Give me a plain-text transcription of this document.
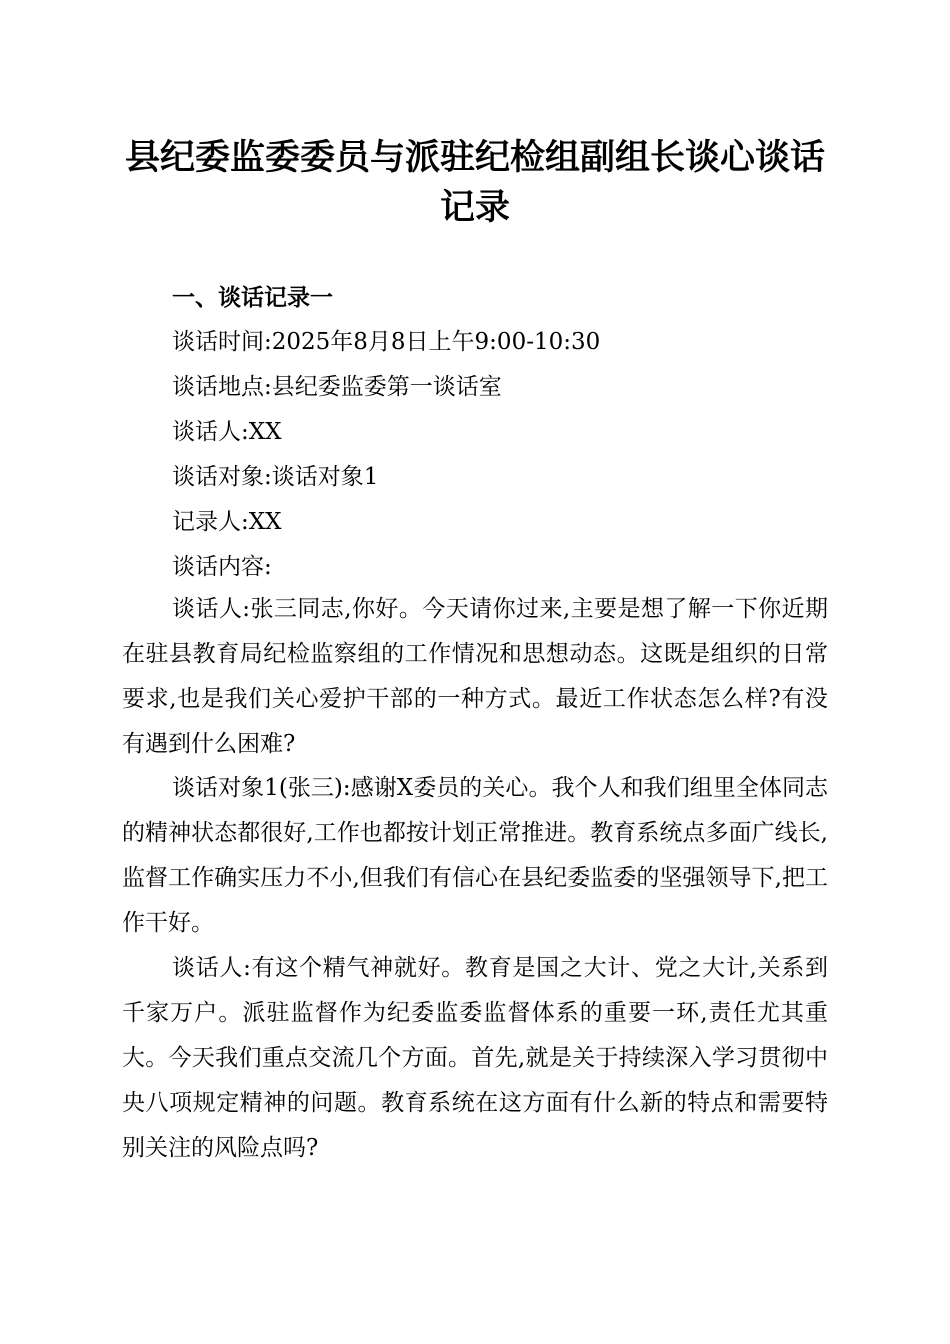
县纪委监委委员与派驻纪检组副组长谈心谈话
记录
一、谈话记录一

谈话时间:2025年8月8日上午9:00-10:30

谈话地点:县纪委监委第一谈话室

谈话人:XX

谈话对象:谈话对象1

记录人:XX

谈话内容:

谈话人:张三同志,你好。今天请你过来,主要是想了解一下你近期在驻县教育局纪检监察组的工作情况和思想动态。这既是组织的日常要求,也是我们关心爱护干部的一种方式。最近工作状态怎么样?有没有遇到什么困难?

谈话对象1(张三):感谢X委员的关心。我个人和我们组里全体同志的精神状态都很好,工作也都按计划正常推进。教育系统点多面广线长,监督工作确实压力不小,但我们有信心在县纪委监委的坚强领导下,把工作干好。

谈话人:有这个精气神就好。教育是国之大计、党之大计,关系到千家万户。派驻监督作为纪委监委监督体系的重要一环,责任尤其重大。今天我们重点交流几个方面。首先,就是关于持续深入学习贯彻中央八项规定精神的问题。教育系统在这方面有什么新的特点和需要特别关注的风险点吗?
